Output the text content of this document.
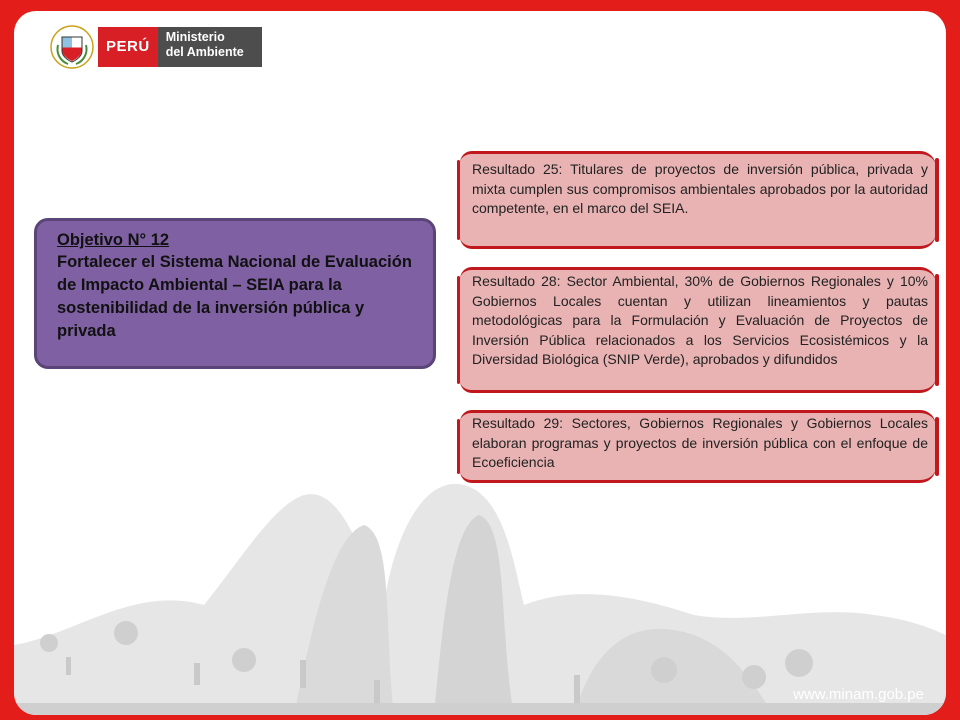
PERÚ
Ministerio
del Ambiente
Objetivo N° 12
Fortalecer el Sistema Nacional de Evaluación de Impacto Ambiental – SEIA para la sostenibilidad de la inversión pública y privada
Resultado 25: Titulares de proyectos de inversión pública, privada y mixta cumplen sus compromisos ambientales aprobados por la autoridad competente, en el marco del SEIA.
Resultado 28: Sector Ambiental, 30% de Gobiernos Regionales y 10% Gobiernos Locales cuentan y utilizan lineamientos y pautas metodológicas para la Formulación y Evaluación de Proyectos de Inversión Pública relacionados a los Servicios Ecosistémicos y la Diversidad Biológica (SNIP Verde), aprobados y difundidos
Resultado 29: Sectores, Gobiernos Regionales y Gobiernos Locales elaboran programas y proyectos de inversión pública con el enfoque de Ecoeficiencia
www.minam.gob.pe
